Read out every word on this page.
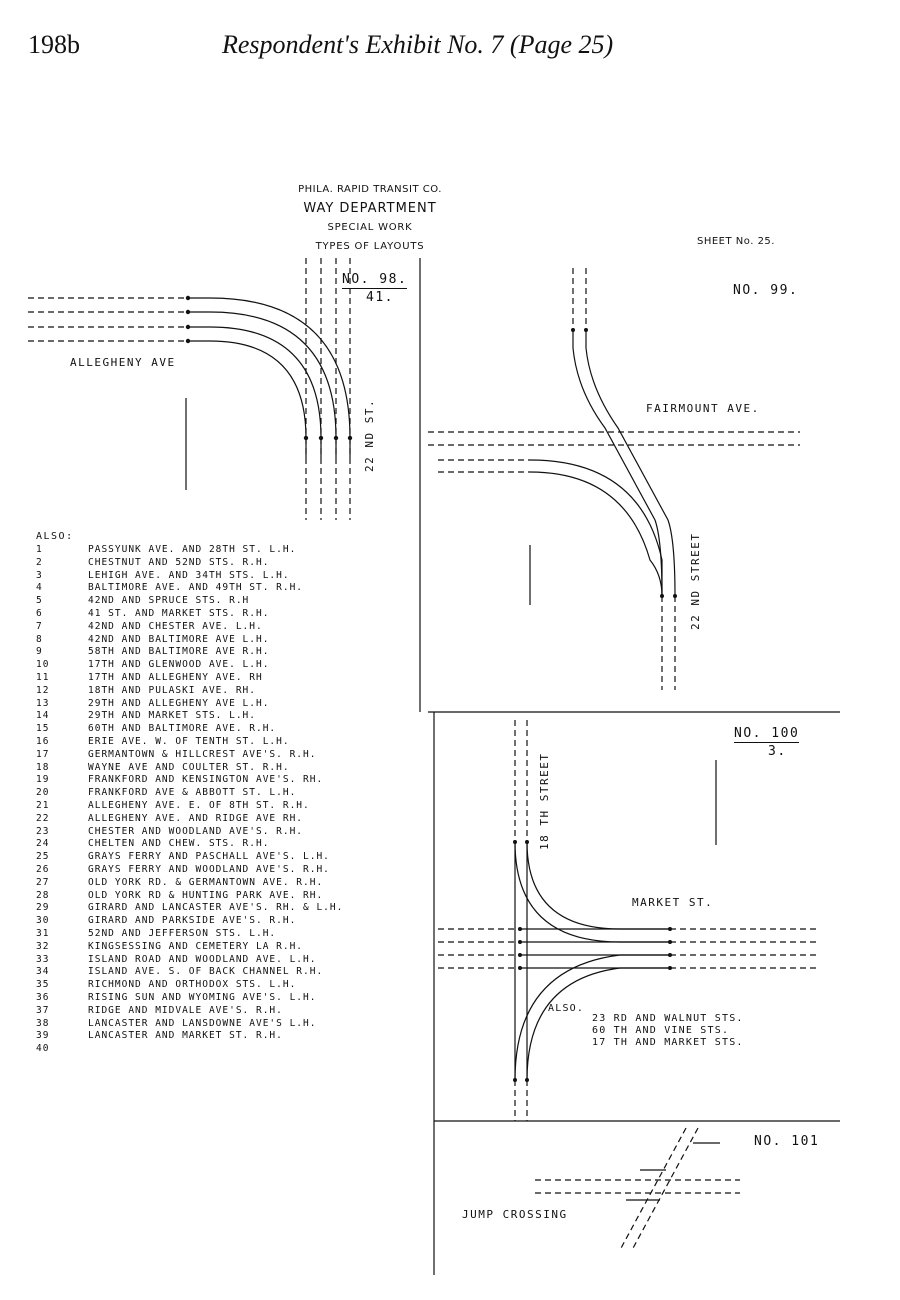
198b	Respondent's Exhibit No. 7 (Page 25)
PHILA. RAPID TRANSIT CO.
WAY DEPARTMENT
SPECIAL WORK
TYPES OF LAYOUTS	SHEET No. 25.
NO. 98.
41.
ALLEGHENY AVE
22 ND ST.
NO. 99.
FAIRMOUNT AVE.
22 ND STREET
NO. 100
3.
18 TH STREET
MARKET ST.
ALSO.
23 RD AND WALNUT STS.
60 TH AND VINE STS.
17 TH AND MARKET STS.
NO. 101
JUMP CROSSING
ALSO:
1	PASSYUNK AVE. AND 28TH ST. L.H.
2	CHESTNUT AND 52ND STS. R.H.
3	LEHIGH AVE. AND 34TH STS. L.H.
4	BALTIMORE AVE. AND 49TH ST. R.H.
5	42ND AND SPRUCE STS. R.H
6	41 ST. AND MARKET STS. R.H.
7	42ND AND CHESTER AVE. L.H.
8	42ND AND BALTIMORE AVE L.H.
9	58TH AND BALTIMORE AVE R.H.
10	17TH AND GLENWOOD AVE. L.H.
11	17TH AND ALLEGHENY AVE. RH
12	18TH AND PULASKI AVE. RH.
13	29TH AND ALLEGHENY AVE L.H.
14	29TH AND MARKET STS. L.H.
15	60TH AND BALTIMORE AVE. R.H.
16	ERIE AVE. W. OF TENTH ST. L.H.
17	GERMANTOWN & HILLCREST AVE'S. R.H.
18	WAYNE AVE AND COULTER ST. R.H.
19	FRANKFORD AND KENSINGTON AVE'S. RH.
20	FRANKFORD AVE & ABBOTT ST. L.H.
21	ALLEGHENY AVE. E. OF 8TH ST. R.H.
22	ALLEGHENY AVE. AND RIDGE AVE RH.
23	CHESTER AND WOODLAND AVE'S. R.H.
24	CHELTEN AND CHEW. STS. R.H.
25	GRAYS FERRY AND PASCHALL AVE'S. L.H.
26	GRAYS FERRY AND WOODLAND AVE'S. R.H.
27	OLD YORK RD. & GERMANTOWN AVE. R.H.
28	OLD YORK RD & HUNTING PARK AVE. RH.
29	GIRARD AND LANCASTER AVE'S. RH. & L.H.
30	GIRARD AND PARKSIDE AVE'S. R.H.
31	52ND AND JEFFERSON STS. L.H.
32	KINGSESSING AND CEMETERY LA R.H.
33	ISLAND ROAD AND WOODLAND AVE. L.H.
34	ISLAND AVE. S. OF BACK CHANNEL R.H.
35	RICHMOND AND ORTHODOX STS. L.H.
36	RISING SUN AND WYOMING AVE'S. L.H.
37	RIDGE AND MIDVALE AVE'S. R.H.
38	LANCASTER AND LANSDOWNE AVE'S L.H.
39	LANCASTER AND MARKET ST. R.H.
40
